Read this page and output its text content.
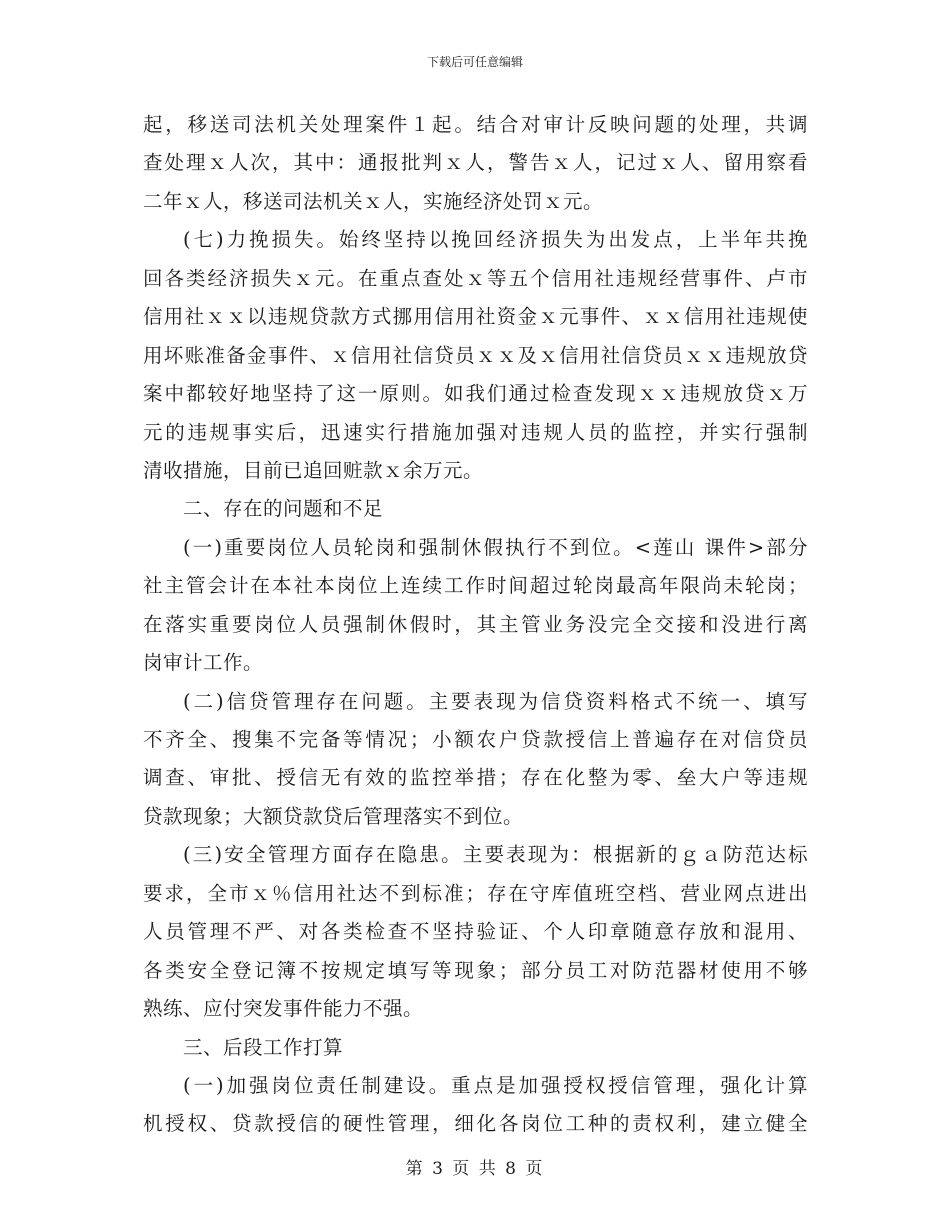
下载后可任意编辑
起，移送司法机关处理案件１起。结合对审计反映问题的处理，共调
查处理ｘ人次，其中：通报批判ｘ人，警告ｘ人，记过ｘ人、留用察看
二年ｘ人，移送司法机关ｘ人，实施经济处罚ｘ元。
(七)力挽损失。始终坚持以挽回经济损失为出发点，上半年共挽
回各类经济损失ｘ元。在重点查处ｘ等五个信用社违规经营事件、卢市
信用社ｘｘ以违规贷款方式挪用信用社资金ｘ元事件、ｘｘ信用社违规使
用坏账准备金事件、ｘ信用社信贷员ｘｘ及ｘ信用社信贷员ｘｘ违规放贷
案中都较好地坚持了这一原则。如我们通过检查发现ｘｘ违规放贷ｘ万
元的违规事实后，迅速实行措施加强对违规人员的监控，并实行强制
清收措施，目前已追回赃款ｘ余万元。
二、存在的问题和不足
(一)重要岗位人员轮岗和强制休假执行不到位。<莲山 课件>部分
社主管会计在本社本岗位上连续工作时间超过轮岗最高年限尚未轮岗；
在落实重要岗位人员强制休假时，其主管业务没完全交接和没进行离
岗审计工作。
(二)信贷管理存在问题。主要表现为信贷资料格式不统一、填写
不齐全、搜集不完备等情况；小额农户贷款授信上普遍存在对信贷员
调查、审批、授信无有效的监控举措；存在化整为零、垒大户等违规
贷款现象；大额贷款贷后管理落实不到位。
(三)安全管理方面存在隐患。主要表现为：根据新的ｇａ防范达标
要求，全市ｘ％信用社达不到标准；存在守库值班空档、营业网点进出
人员管理不严、对各类检查不坚持验证、个人印章随意存放和混用、
各类安全登记簿不按规定填写等现象；部分员工对防范器材使用不够
熟练、应付突发事件能力不强。
三、后段工作打算
(一)加强岗位责任制建设。重点是加强授权授信管理，强化计算
机授权、贷款授信的硬性管理，细化各岗位工种的责权利，建立健全
第 3 页 共 8 页
